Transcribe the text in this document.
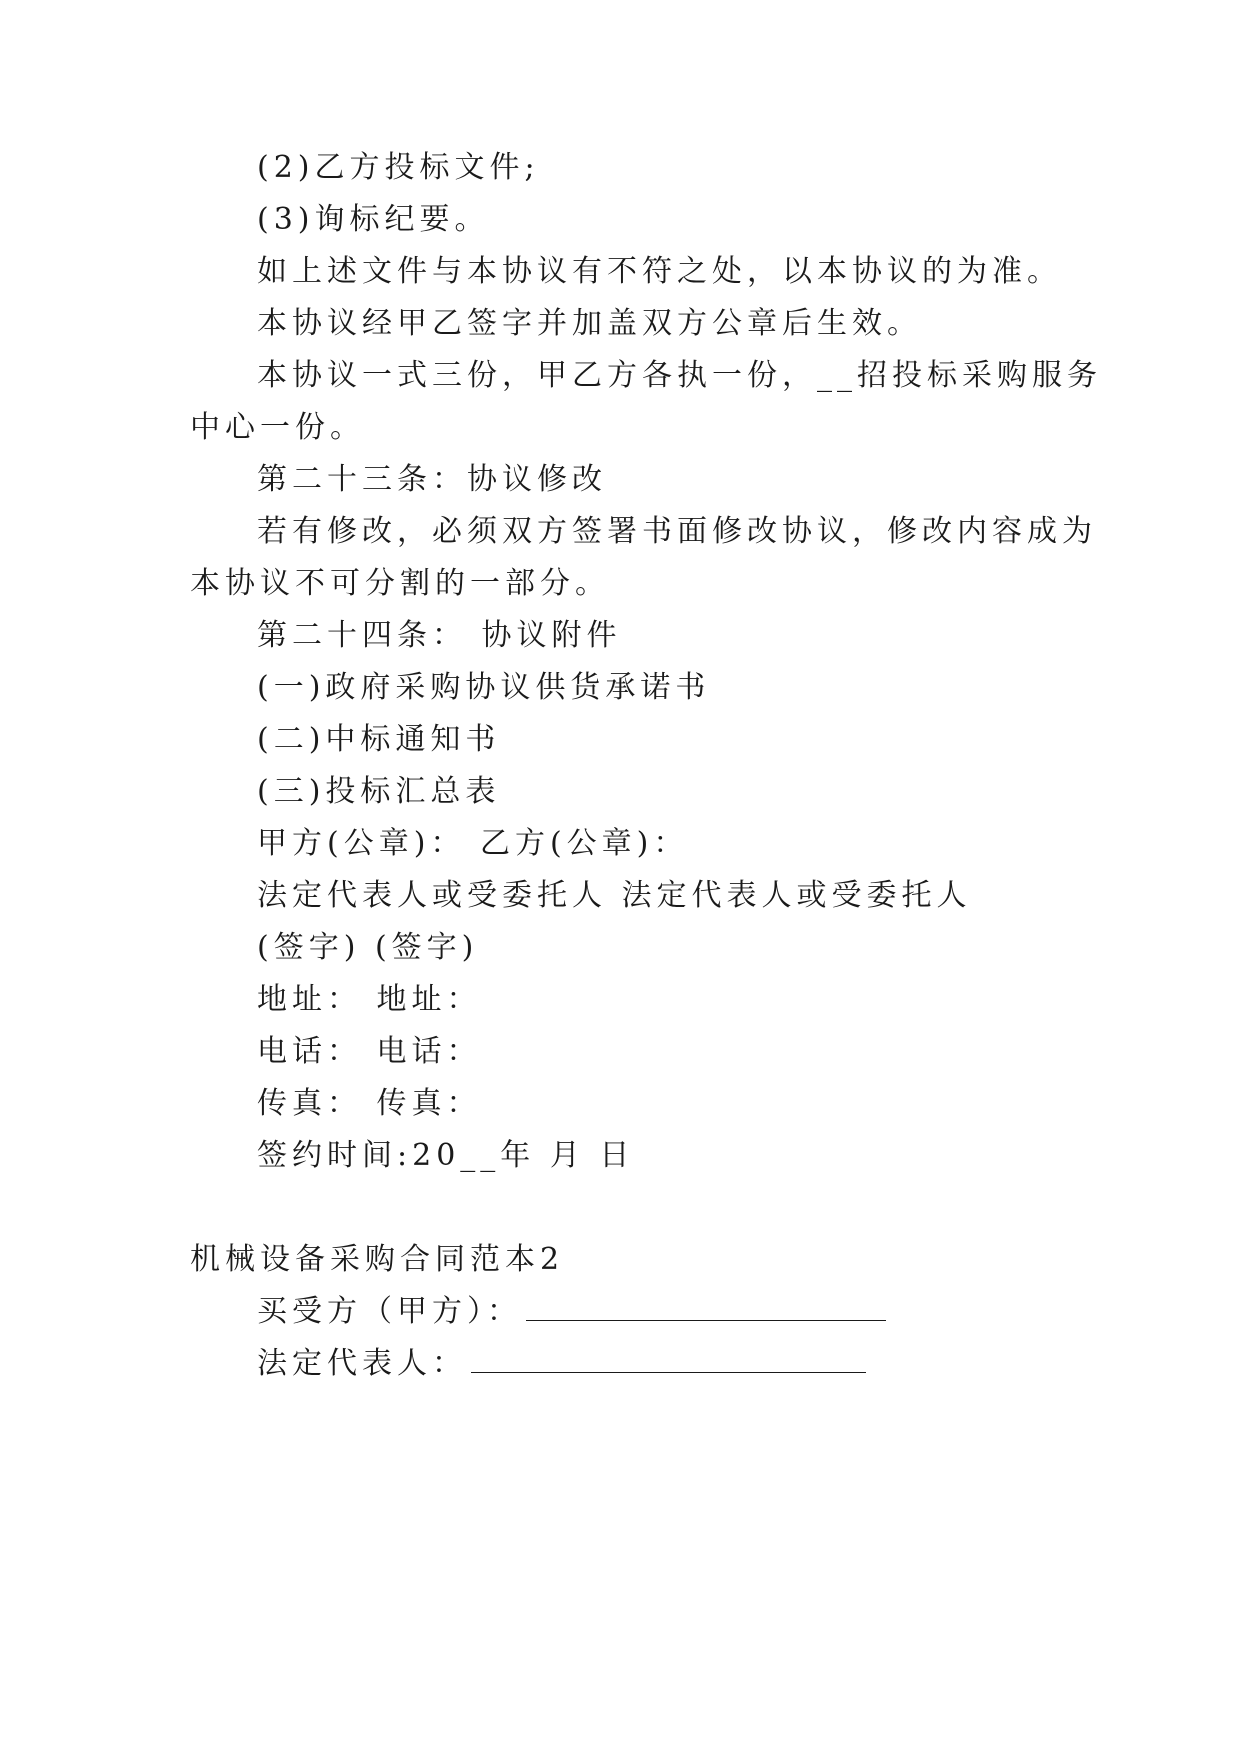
(2)乙方投标文件;
(3)询标纪要。
如上述文件与本协议有不符之处，以本协议的为准。
本协议经甲乙签字并加盖双方公章后生效。
本协议一式三份，甲乙方各执一份，__招投标采购服务
中心一份。
第二十三条：协议修改
若有修改，必须双方签署书面修改协议，修改内容成为
本协议不可分割的一部分。
第二十四条： 协议附件
(一)政府采购协议供货承诺书
(二)中标通知书
(三)投标汇总表
甲方(公章)： 乙方(公章)：
法定代表人或受委托人 法定代表人或受委托人
(签字) (签字)
地址： 地址：
电话： 电话：
传真： 传真：
签约时间:20__年 月 日
机械设备采购合同范本2
买受方（甲方）：
法定代表人：
